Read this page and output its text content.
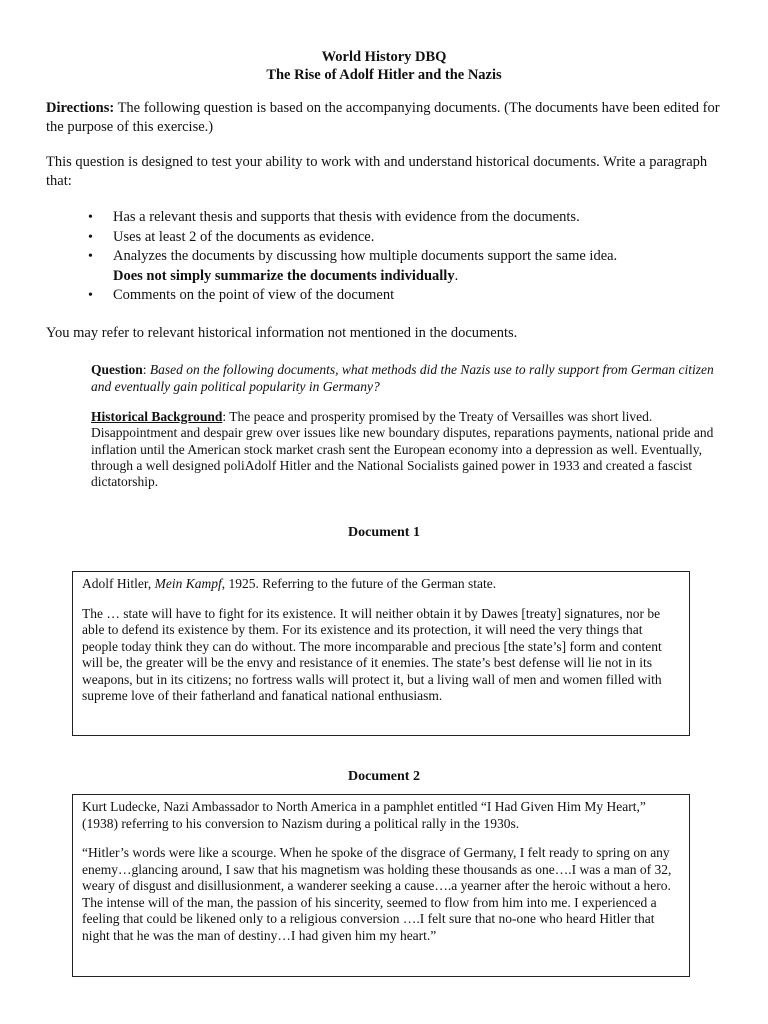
World History DBQ
The Rise of Adolf Hitler and the Nazis
Directions: The following question is based on the accompanying documents. (The documents have been edited for the purpose of this exercise.)
This question is designed to test your ability to work with and understand historical documents. Write a paragraph that:
• Has a relevant thesis and supports that thesis with evidence from the documents.
• Uses at least 2 of the documents as evidence.
• Analyzes the documents by discussing how multiple documents support the same idea.
Does not simply summarize the documents individually.
• Comments on the point of view of the document
You may refer to relevant historical information not mentioned in the documents.
Question: Based on the following documents, what methods did the Nazis use to rally support from German citizen and eventually gain political popularity in Germany?
Historical Background: The peace and prosperity promised by the Treaty of Versailles was short lived. Disappointment and despair grew over issues like new boundary disputes, reparations payments, national pride and inflation until the American stock market crash sent the European economy into a depression as well. Eventually, through a well designed poliAdolf Hitler and the National Socialists gained power in 1933 and created a fascist dictatorship.
Document 1

Adolf Hitler, Mein Kampf, 1925. Referring to the future of the German state.

The … state will have to fight for its existence. It will neither obtain it by Dawes [treaty] signatures, nor be able to defend its existence by them. For its existence and its protection, it will need the very things that people today think they can do without. The more incomparable and precious [the state’s] form and content will be, the greater will be the envy and resistance of it enemies. The state’s best defense will lie not in its weapons, but in its citizens; no fortress walls will protect it, but a living wall of men and women filled with supreme love of their fatherland and fanatical national enthusiasm.

Document 2

Kurt Ludecke, Nazi Ambassador to North America in a pamphlet entitled “I Had Given Him My Heart,” (1938) referring to his conversion to Nazism during a political rally in the 1930s.

“Hitler’s words were like a scourge. When he spoke of the disgrace of Germany, I felt ready to spring on any enemy…glancing around, I saw that his magnetism was holding these thousands as one….I was a man of 32, weary of disgust and disillusionment, a wanderer seeking a cause….a yearner after the heroic without a hero. The intense will of the man, the passion of his sincerity, seemed to flow from him into me. I experienced a feeling that could be likened only to a religious conversion ….I felt sure that no-one who heard Hitler that night that he was the man of destiny…I had given him my heart.”
